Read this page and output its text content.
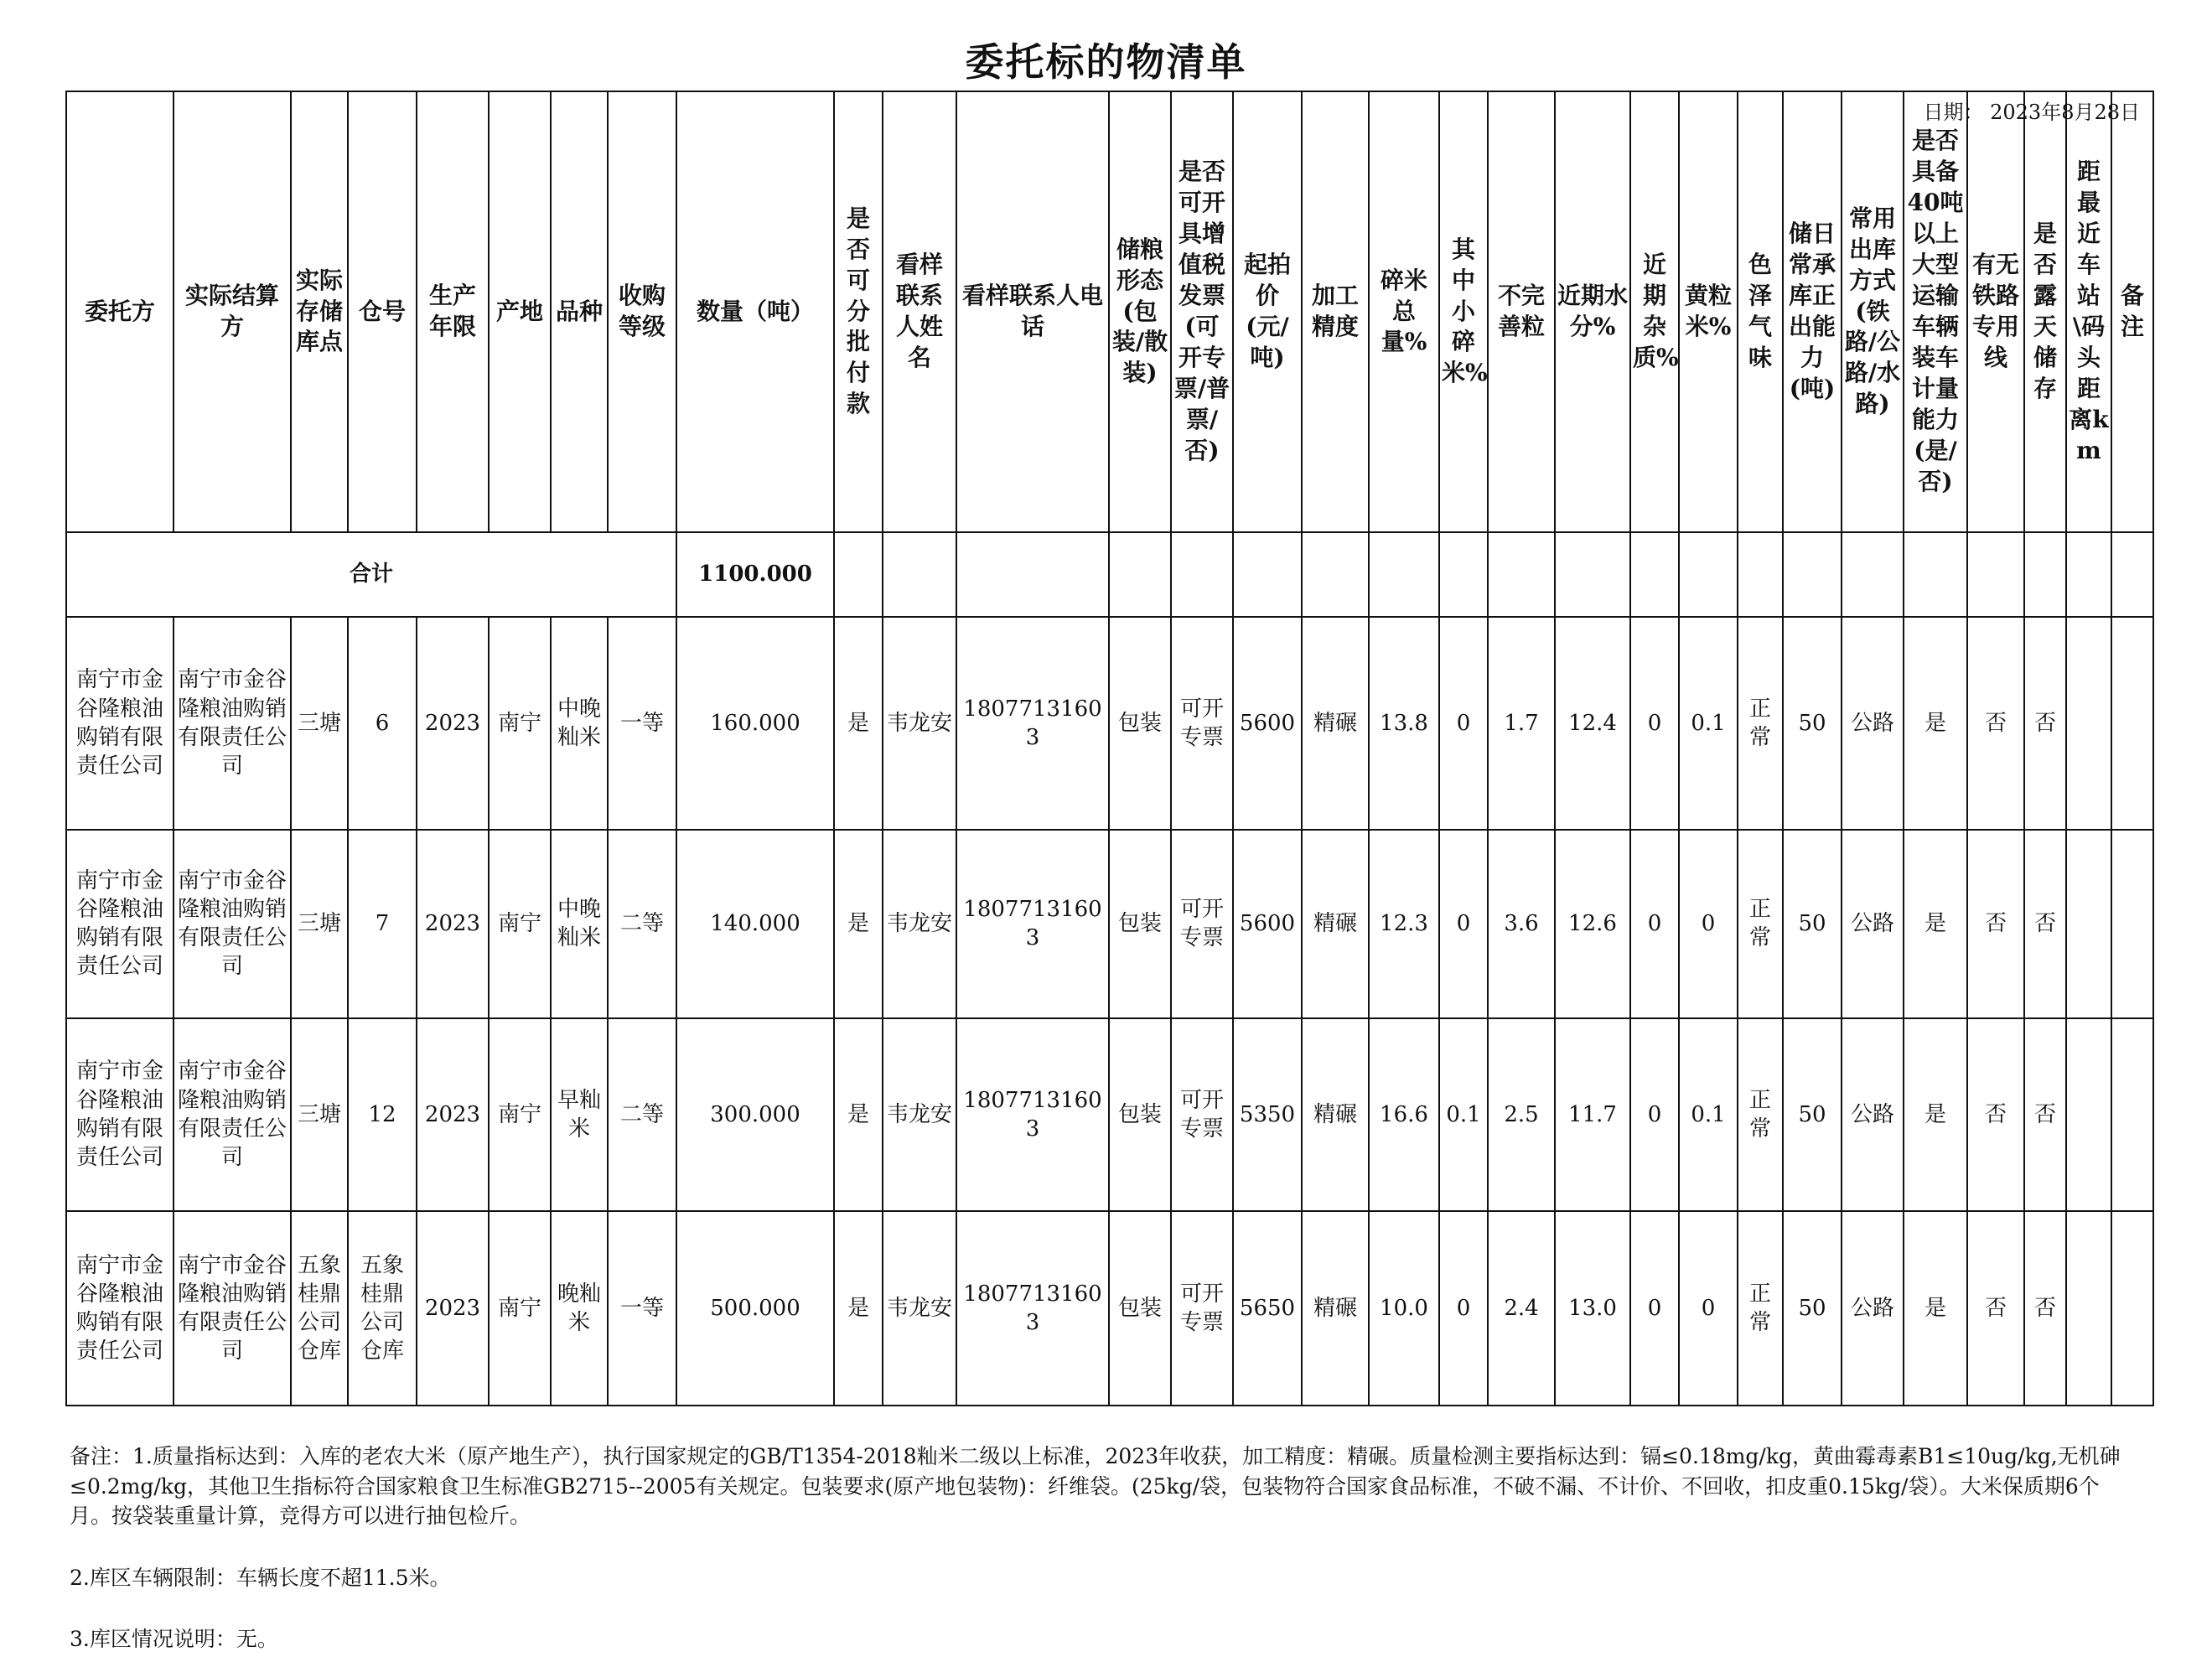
委托标的物清单
日期： 2023年8月28日
委托方	实际结算方	实际存储库点	仓号	生产年限	产地	品种	收购等级	数量（吨）	是否可分批付款	看样联系人姓名	看样联系人电话	储粮形态(包装/散装)	是否可开具增值税发票(可开专票/普票/否)	起拍价(元/吨)	加工精度	碎米总量%	其中小碎米%	不完善粒	近期水分%	近期杂质%	黄粒米%	色泽气味	储日常承库正出能力(吨)	常用出库方式(铁路/公路/水路)	是否具备40吨以上大型运输车辆装车计量能力(是/否)	有无铁路专用线	是否露天储存	距最近车站\码头距离km	备注	
合计								1100.000																						
南宁市金谷隆粮油购销有限责任公司	南宁市金谷隆粮油购销有限责任公司	三塘	6	2023	南宁	中晚籼米	一等	160.000	是	韦龙安	18077131603	包装	可开专票	5600	精碾	13.8	0	1.7	12.4	0	0.1	正常	50	公路	是	否	否			
南宁市金谷隆粮油购销有限责任公司	南宁市金谷隆粮油购销有限责任公司	三塘	7	2023	南宁	中晚籼米	二等	140.000	是	韦龙安	18077131603	包装	可开专票	5600	精碾	12.3	0	3.6	12.6	0	0	正常	50	公路	是	否	否			
南宁市金谷隆粮油购销有限责任公司	南宁市金谷隆粮油购销有限责任公司	三塘	12	2023	南宁	早籼米	二等	300.000	是	韦龙安	18077131603	包装	可开专票	5350	精碾	16.6	0.1	2.5	11.7	0	0.1	正常	50	公路	是	否	否			
南宁市金谷隆粮油购销有限责任公司	南宁市金谷隆粮油购销有限责任公司	五象桂鼎公司仓库	五象桂鼎公司仓库	2023	南宁	晚籼米	一等	500.000	是	韦龙安	18077131603	包装	可开专票	5650	精碾	10.0	0	2.4	13.0	0	0	正常	50	公路	是	否	否			

备注：1.质量指标达到：入库的老农大米（原产地生产），执行国家规定的GB/T1354-2018籼米二级以上标准，2023年收获，加工精度：精碾。质量检测主要指标达到：镉≤0.18mg/kg，黄曲霉毒素B1≤10ug/kg,无机砷≤0.2mg/kg，其他卫生指标符合国家粮食卫生标准GB2715--2005有关规定。包装要求(原产地包装物)：纤维袋。(25kg/袋，包装物符合国家食品标准，不破不漏、不计价、不回收，扣皮重0.15kg/袋）。大米保质期6个月。按袋装重量计算，竞得方可以进行抽包检斤。

2.库区车辆限制：车辆长度不超11.5米。

3.库区情况说明：无。
